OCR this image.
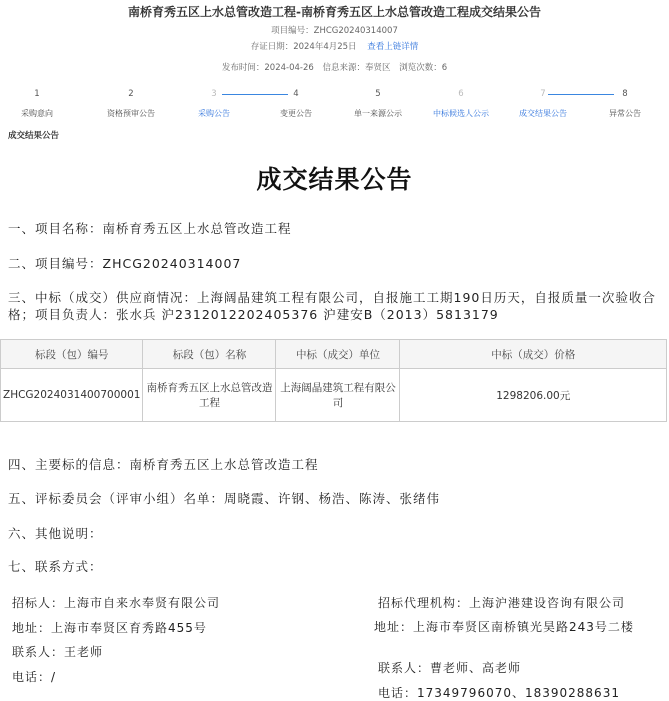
南桥育秀五区上水总管改造工程-南桥育秀五区上水总管改造工程成交结果公告
项目编号：ZHCG20240314007
存证日期：2024年4月25日 查看上链详情
发布时间：2024-04-26 信息来源：奉贤区 浏览次数：6
1
采购意向
2
资格预审公告
3
采购公告
4
变更公告
5
单一来源公示
6
中标候选人公示
7
成交结果公告
8
异常公告
成交结果公告
成交结果公告
一、项目名称：南桥育秀五区上水总管改造工程
二、项目编号：ZHCG20240314007
三、中标（成交）供应商情况：上海阔晶建筑工程有限公司，自报施工工期190日历天，自报质量一次验收合格；项目负责人：张水兵 沪2312012202405376 沪建安B（2013）5813179
标段（包）编号	标段（包）名称	中标（成交）单位	中标（成交）价格
ZHCG2024031400700001	南桥育秀五区上水总管改造工程	上海阔晶建筑工程有限公司	1298206.00元
四、主要标的信息：南桥育秀五区上水总管改造工程
五、评标委员会（评审小组）名单：周晓霞、许钢、杨浩、陈涛、张绪伟
六、其他说明：
七、联系方式：
招标人：上海市自来水奉贤有限公司
地址：上海市奉贤区育秀路455号
联系人：王老师
电话：/
招标代理机构：上海沪港建设咨询有限公司
地址：上海市奉贤区南桥镇光昊路243号二楼
联系人：曹老师、高老师
电话：17349796070、18390288631
